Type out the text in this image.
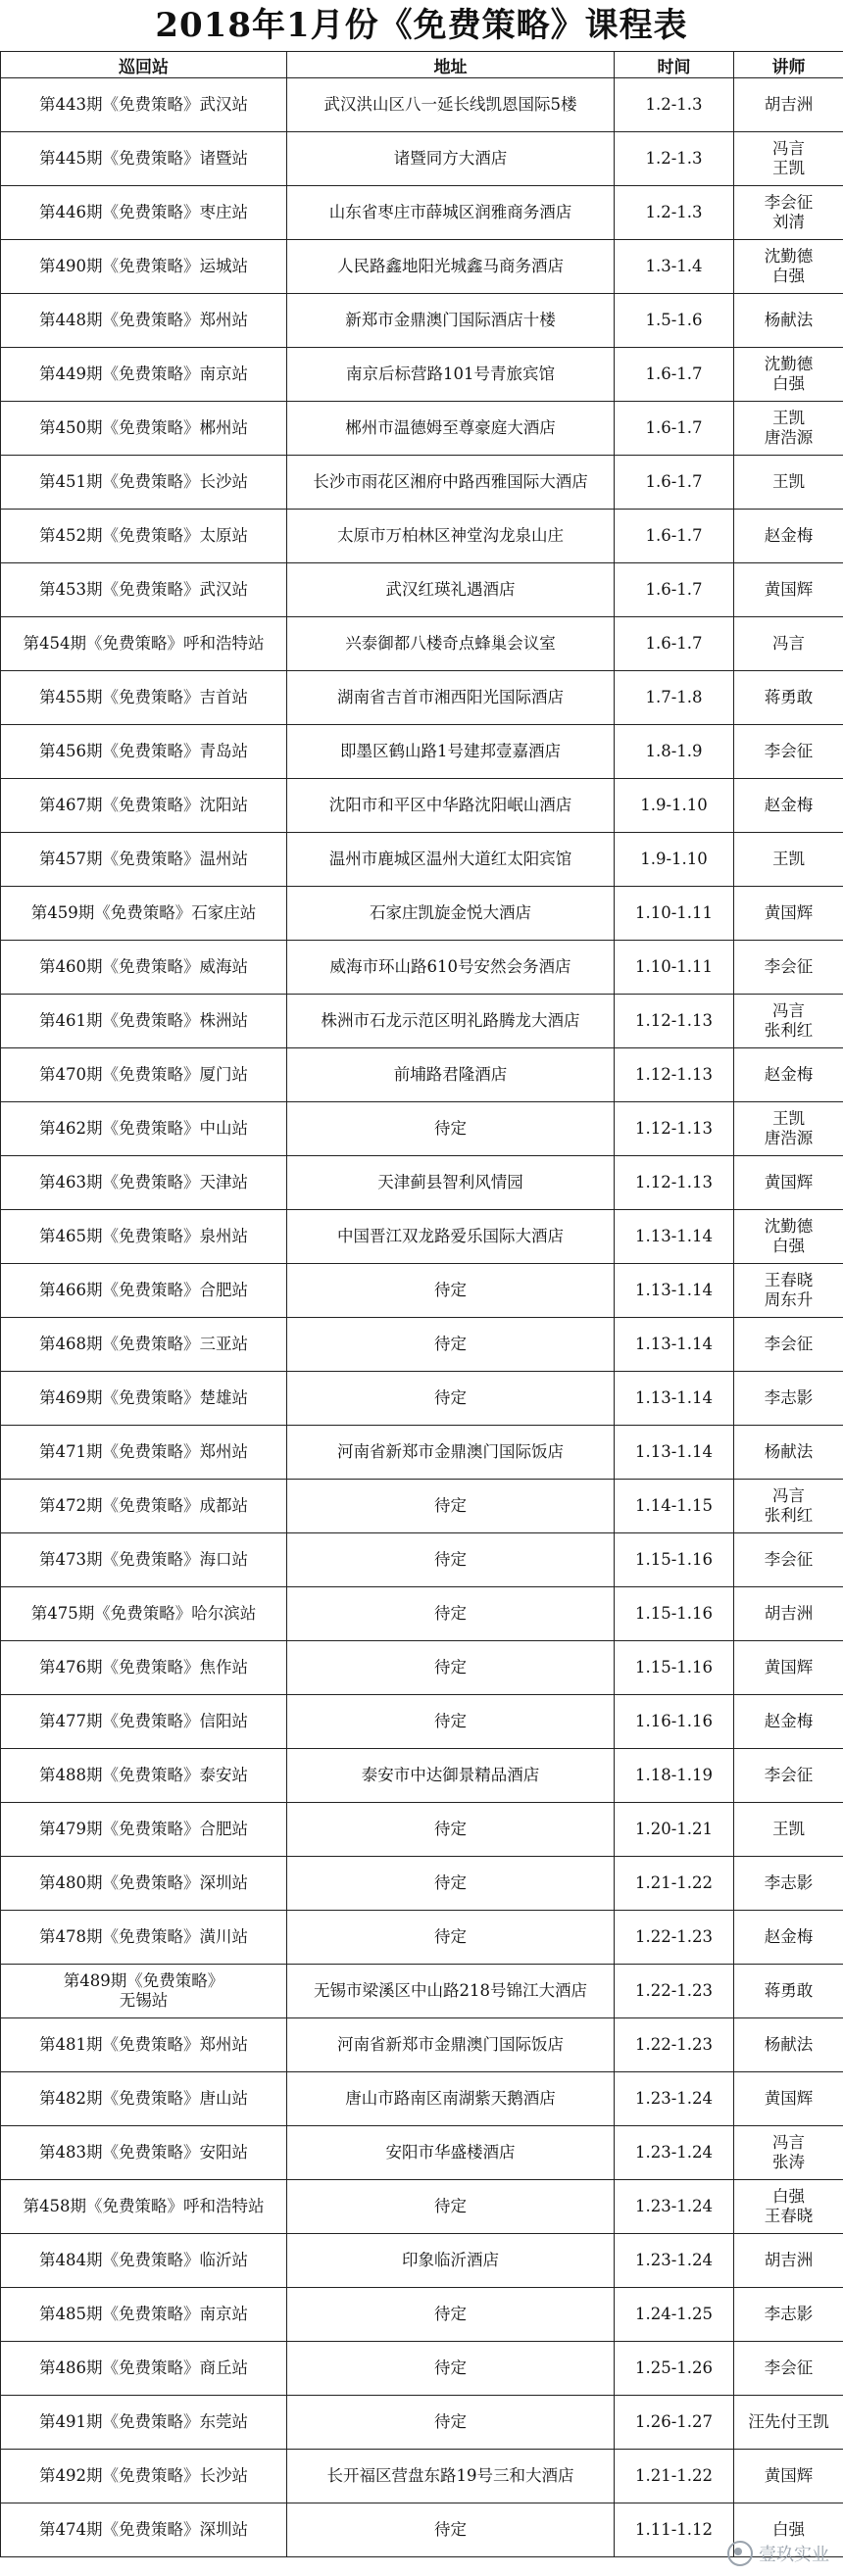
2018年1月份《免费策略》课程表
巡回站	地址	时间	讲师
第443期《免费策略》武汉站	武汉洪山区八一延长线凯恩国际5楼	1.2-1.3	胡吉洲
第445期《免费策略》诸暨站	诸暨同方大酒店	1.2-1.3	冯言
王凯
第446期《免费策略》枣庄站	山东省枣庄市薛城区润雅商务酒店	1.2-1.3	李会征
刘清
第490期《免费策略》运城站	人民路鑫地阳光城鑫马商务酒店	1.3-1.4	沈勤德
白强
第448期《免费策略》郑州站	新郑市金鼎澳门国际酒店十楼	1.5-1.6	杨献法
第449期《免费策略》南京站	南京后标营路101号青旅宾馆	1.6-1.7	沈勤德
白强
第450期《免费策略》郴州站	郴州市温德姆至尊豪庭大酒店	1.6-1.7	王凯
唐浩源
第451期《免费策略》长沙站	长沙市雨花区湘府中路西雅国际大酒店	1.6-1.7	王凯
第452期《免费策略》太原站	太原市万柏林区神堂沟龙泉山庄	1.6-1.7	赵金梅
第453期《免费策略》武汉站	武汉红瑛礼遇酒店	1.6-1.7	黄国辉
第454期《免费策略》呼和浩特站	兴泰御都八楼奇点蜂巢会议室	1.6-1.7	冯言
第455期《免费策略》吉首站	湖南省吉首市湘西阳光国际酒店	1.7-1.8	蒋勇敢
第456期《免费策略》青岛站	即墨区鹤山路1号建邦壹嘉酒店	1.8-1.9	李会征
第467期《免费策略》沈阳站	沈阳市和平区中华路沈阳岷山酒店	1.9-1.10	赵金梅
第457期《免费策略》温州站	温州市鹿城区温州大道红太阳宾馆	1.9-1.10	王凯
第459期《免费策略》石家庄站	石家庄凯旋金悦大酒店	1.10-1.11	黄国辉
第460期《免费策略》威海站	威海市环山路610号安然会务酒店	1.10-1.11	李会征
第461期《免费策略》株洲站	株洲市石龙示范区明礼路腾龙大酒店	1.12-1.13	冯言
张利红
第470期《免费策略》厦门站	前埔路君隆酒店	1.12-1.13	赵金梅
第462期《免费策略》中山站	待定	1.12-1.13	王凯
唐浩源
第463期《免费策略》天津站	天津蓟县智利风情园	1.12-1.13	黄国辉
第465期《免费策略》泉州站	中国晋江双龙路爱乐国际大酒店	1.13-1.14	沈勤德
白强
第466期《免费策略》合肥站	待定	1.13-1.14	王春晓
周东升
第468期《免费策略》三亚站	待定	1.13-1.14	李会征
第469期《免费策略》楚雄站	待定	1.13-1.14	李志影
第471期《免费策略》郑州站	河南省新郑市金鼎澳门国际饭店	1.13-1.14	杨献法
第472期《免费策略》成都站	待定	1.14-1.15	冯言
张利红
第473期《免费策略》海口站	待定	1.15-1.16	李会征
第475期《免费策略》哈尔滨站	待定	1.15-1.16	胡吉洲
第476期《免费策略》焦作站	待定	1.15-1.16	黄国辉
第477期《免费策略》信阳站	待定	1.16-1.16	赵金梅
第488期《免费策略》泰安站	泰安市中达御景精品酒店	1.18-1.19	李会征
第479期《免费策略》合肥站	待定	1.20-1.21	王凯
第480期《免费策略》深圳站	待定	1.21-1.22	李志影
第478期《免费策略》潢川站	待定	1.22-1.23	赵金梅
第489期《免费策略》
无锡站	无锡市梁溪区中山路218号锦江大酒店	1.22-1.23	蒋勇敢
第481期《免费策略》郑州站	河南省新郑市金鼎澳门国际饭店	1.22-1.23	杨献法
第482期《免费策略》唐山站	唐山市路南区南湖紫天鹅酒店	1.23-1.24	黄国辉
第483期《免费策略》安阳站	安阳市华盛楼酒店	1.23-1.24	冯言
张涛
第458期《免费策略》呼和浩特站	待定	1.23-1.24	白强
王春晓
第484期《免费策略》临沂站	印象临沂酒店	1.23-1.24	胡吉洲
第485期《免费策略》南京站	待定	1.24-1.25	李志影
第486期《免费策略》商丘站	待定	1.25-1.26	李会征
第491期《免费策略》东莞站	待定	1.26-1.27	汪先付王凯
第492期《免费策略》长沙站	长开福区营盘东路19号三和大酒店	1.21-1.22	黄国辉
第474期《免费策略》深圳站	待定	1.11-1.12	白强
壹玖实业
